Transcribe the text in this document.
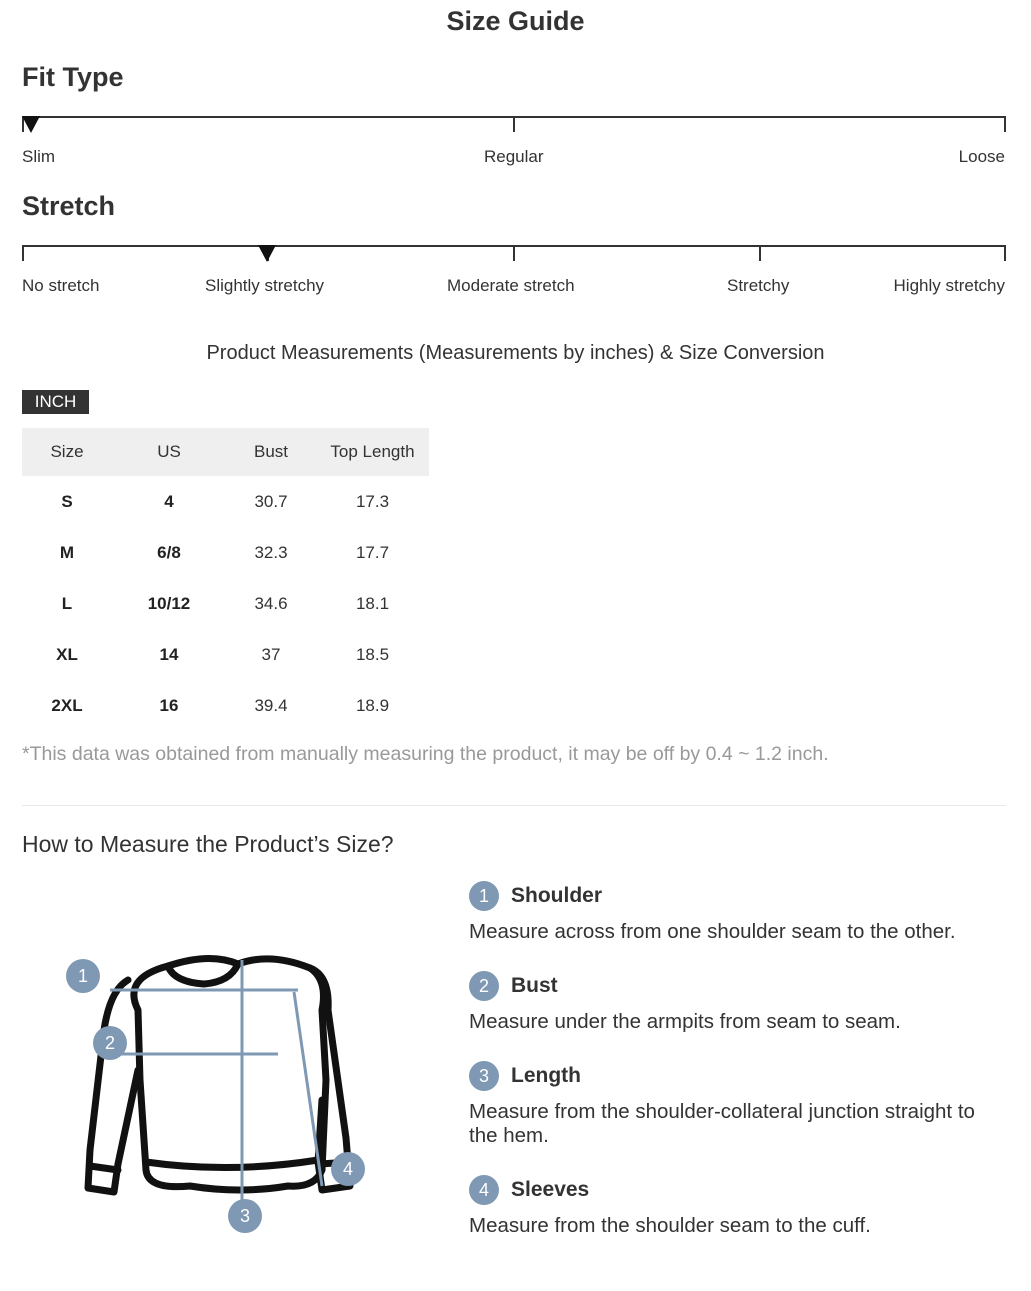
Size Guide
Fit Type
Slim	Regular	Loose
Stretch
No stretch	Slightly stretchy	Moderate stretch	Stretchy	Highly stretchy
Product Measurements (Measurements by inches) & Size Conversion
INCH
Size	US	Bust	Top Length
S	4	30.7	17.3
M	6/8	32.3	17.7
L	10/12	34.6	18.1
XL	14	37	18.5
2XL	16	39.4	18.9
*This data was obtained from manually measuring the product, it may be off by 0.4 ~ 1.2 inch.
How to Measure the Product’s Size?
1
2
3
4
1	Shoulder
Measure across from one shoulder seam to the other.
2	Bust
Measure under the armpits from seam to seam.
3	Length
Measure from the shoulder-collateral junction straight to the hem.
4	Sleeves
Measure from the shoulder seam to the cuff.
